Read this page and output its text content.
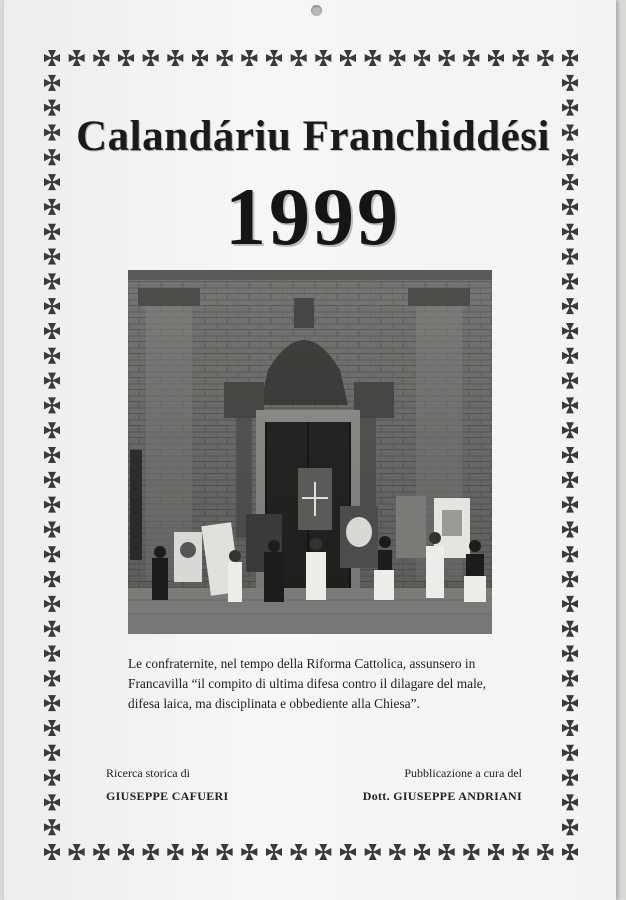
Calandáriu Franchiddési
1999
Le confraternite, nel tempo della Riforma Cattolica, assunsero in Francavilla “il compito di ultima difesa contro il dilagare del male, difesa laica, ma disciplinata e obbediente alla Chiesa”.
Ricerca storica di
GIUSEPPE CAFUERI
Pubblicazione a cura del
Dott. GIUSEPPE ANDRIANI
